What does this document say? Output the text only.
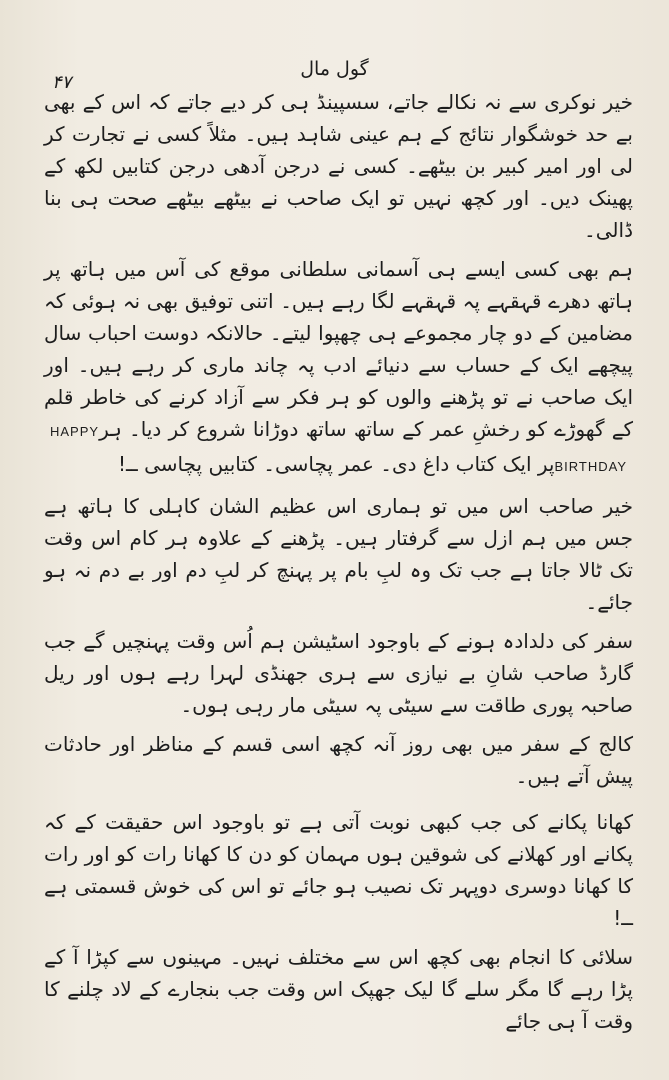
گول مال
۴۷

خیر نوکری سے نہ نکالے جاتے، سسپینڈ ہی کر دیے جاتے کہ اس کے بھی بے حد خوشگوار نتائج کے ہم عینی شاہد ہیں۔ مثلاً کسی نے تجارت کر لی اور امیر کبیر بن بیٹھے۔ کسی نے درجن آدھی درجن کتابیں لکھ کے پھینک دیں۔ اور کچھ نہیں تو ایک صاحب نے بیٹھے بیٹھے صحت ہی بنا ڈالی۔

ہم بھی کسی ایسے ہی آسمانی سلطانی موقع کی آس میں ہاتھ پر ہاتھ دھرے قہقہے پہ قہقہے لگا رہے ہیں۔ اتنی توفیق بھی نہ ہوئی کہ مضامین کے دو چار مجموعے ہی چھپوا لیتے۔ حالانکہ دوست احباب سال پیچھے ایک کے حساب سے دنیائے ادب پہ چاند ماری کر رہے ہیں۔ اور ایک صاحب نے تو پڑھنے والوں کو ہر فکر سے آزاد کرنے کی خاطر قلم کے گھوڑے کو رخشِ عمر کے ساتھ ساتھ دوڑانا شروع کر دیا۔ ہرHAPPY BIRTHDAYپر ایک کتاب داغ دی۔ عمر پچاسی۔ کتابیں پچاسی ــ!

خیر صاحب اس میں تو ہماری اس عظیم الشان کاہلی کا ہاتھ ہے جس میں ہم ازل سے گرفتار ہیں۔ پڑھنے کے علاوہ ہر کام اس وقت تک ٹالا جاتا ہے جب تک وہ لبِ بام پر پہنچ کر لبِ دم اور بے دم نہ ہو جائے۔

سفر کی دلدادہ ہونے کے باوجود اسٹیشن ہم اُس وقت پہنچیں گے جب گارڈ صاحب شانِ بے نیازی سے ہری جھنڈی لہرا رہے ہوں اور ریل صاحبہ پوری طاقت سے سیٹی پہ سیٹی مار رہی ہوں۔

کالج کے سفر میں بھی روز آنہ کچھ اسی قسم کے مناظر اور حادثات پیش آتے ہیں۔

کھانا پکانے کی جب کبھی نوبت آتی ہے تو باوجود اس حقیقت کے کہ پکانے اور کھلانے کی شوقین ہوں مہمان کو دن کا کھانا رات کو اور رات کا کھانا دوسری دوپہر تک نصیب ہو جائے تو اس کی خوش قسمتی ہے ــ!

سلائی کا انجام بھی کچھ اس سے مختلف نہیں۔ مہینوں سے کپڑا آ کے پڑا رہے گا مگر سلے گا لیک جھپک اس وقت جب بنجارے کے لاد چلنے کا وقت آ ہی جائے
